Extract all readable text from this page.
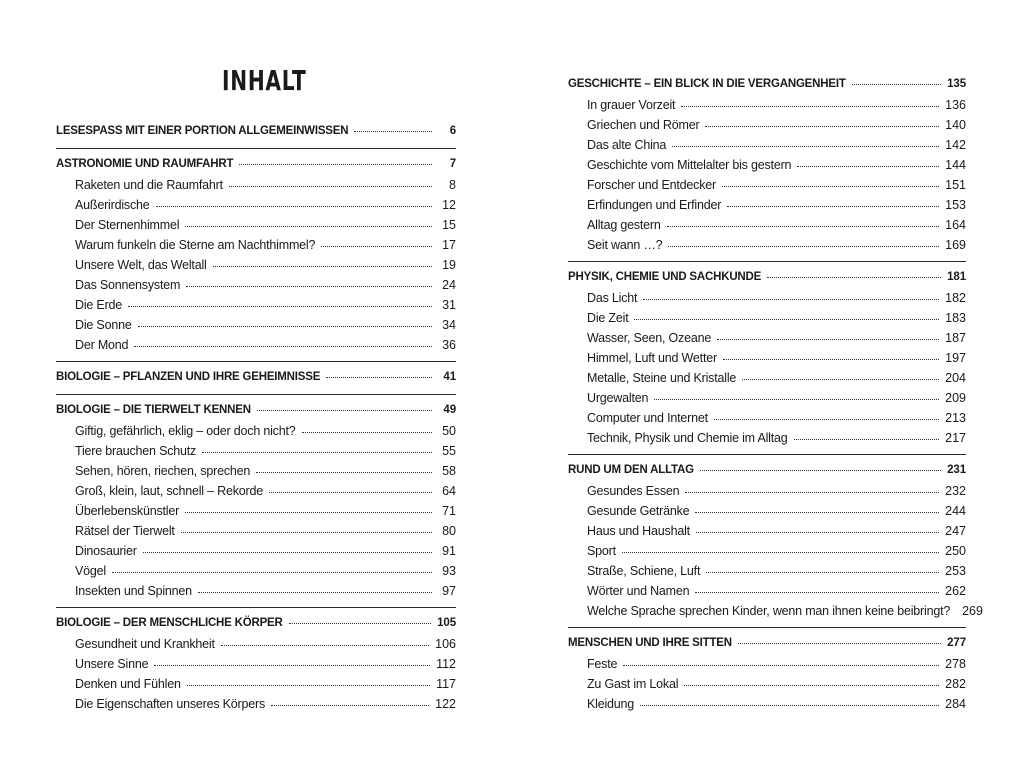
INHALT
LESESPASS MIT EINER PORTION ALLGEMEINWISSEN	6
ASTRONOMIE UND RAUMFAHRT	7
Raketen und die Raumfahrt	8
Außerirdische	12
Der Sternenhimmel	15
Warum funkeln die Sterne am Nachthimmel?	17
Unsere Welt, das Weltall	19
Das Sonnensystem	24
Die Erde	31
Die Sonne	34
Der Mond	36
BIOLOGIE – PFLANZEN UND IHRE GEHEIMNISSE	41
BIOLOGIE – DIE TIERWELT KENNEN	49
Giftig, gefährlich, eklig – oder doch nicht?	50
Tiere brauchen Schutz	55
Sehen, hören, riechen, sprechen	58
Groß, klein, laut, schnell – Rekorde	64
Überlebenskünstler	71
Rätsel der Tierwelt	80
Dinosaurier	91
Vögel	93
Insekten und Spinnen	97
BIOLOGIE – DER MENSCHLICHE KÖRPER	105
Gesundheit und Krankheit	106
Unsere Sinne	112
Denken und Fühlen	117
Die Eigenschaften unseres Körpers	122
GESCHICHTE – EIN BLICK IN DIE VERGANGENHEIT	135
In grauer Vorzeit	136
Griechen und Römer	140
Das alte China	142
Geschichte vom Mittelalter bis gestern	144
Forscher und Entdecker	151
Erfindungen und Erfinder	153
Alltag gestern	164
Seit wann …?	169
PHYSIK, CHEMIE UND SACHKUNDE	181
Das Licht	182
Die Zeit	183
Wasser, Seen, Ozeane	187
Himmel, Luft und Wetter	197
Metalle, Steine und Kristalle	204
Urgewalten	209
Computer und Internet	213
Technik, Physik und Chemie im Alltag	217
RUND UM DEN ALLTAG	231
Gesundes Essen	232
Gesunde Getränke	244
Haus und Haushalt	247
Sport	250
Straße, Schiene, Luft	253
Wörter und Namen	262
Welche Sprache sprechen Kinder, wenn man ihnen keine beibringt? 269
MENSCHEN UND IHRE SITTEN	277
Feste	278
Zu Gast im Lokal	282
Kleidung	284
